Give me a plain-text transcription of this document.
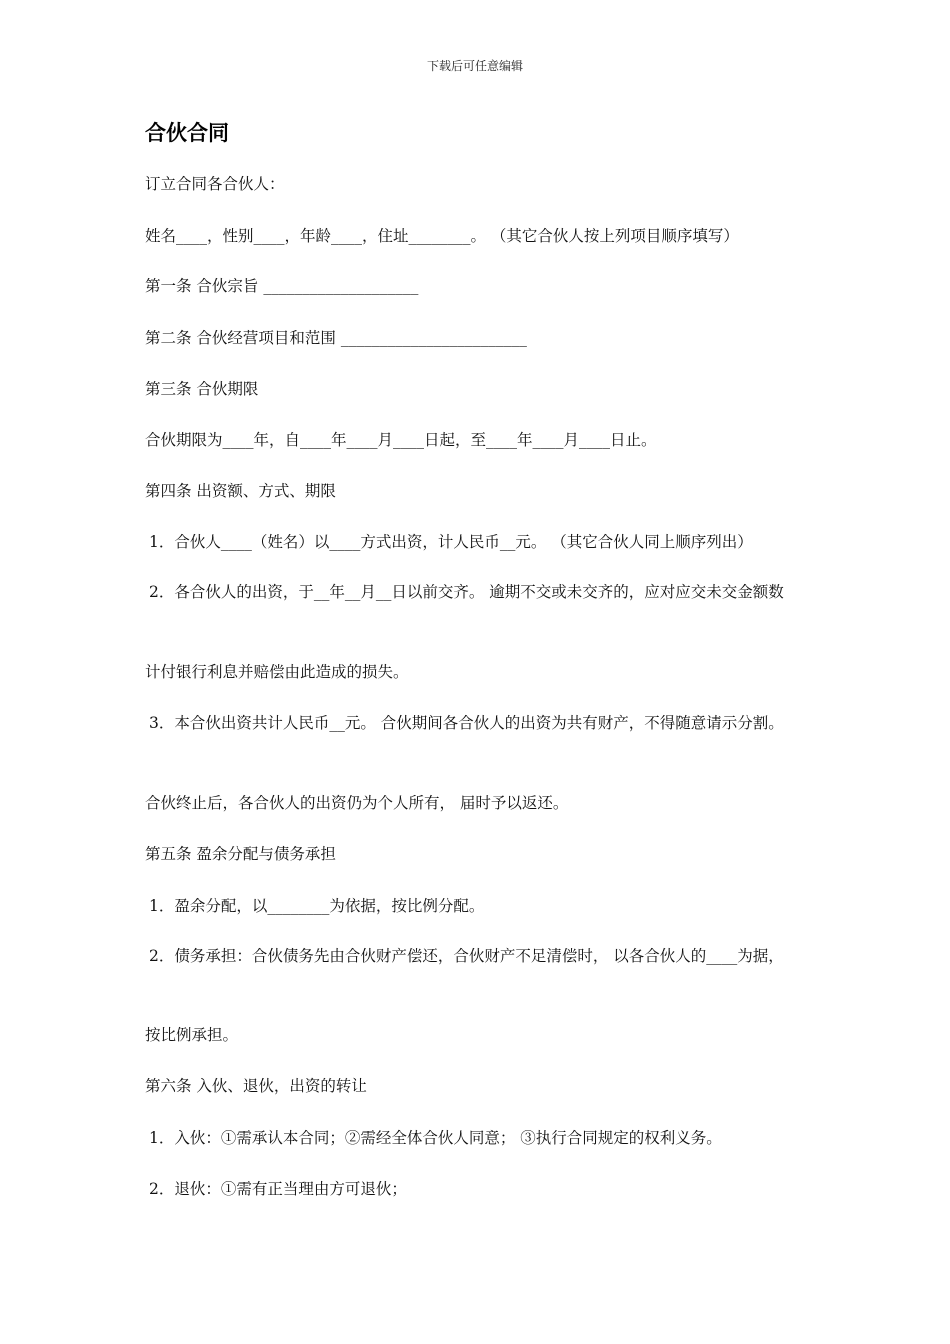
下载后可任意编辑
合伙合同
订立合同各合伙人：
姓名____，性别____，年龄____，住址________。 （其它合伙人按上列项目顺序填写）
第一条 合伙宗旨 ____________________
第二条 合伙经营项目和范围 ________________________
第三条 合伙期限
合伙期限为____年，自____年____月____日起，至____年____月____日止。
第四条 出资额、方式、期限
1．合伙人____（姓名）以____方式出资，计人民币__元。 （其它合伙人同上顺序列出）
2．各合伙人的出资，于__年__月__日以前交齐。 逾期不交或未交齐的，应对应交未交金额数
计付银行利息并赔偿由此造成的损失。
3．本合伙出资共计人民币__元。 合伙期间各合伙人的出资为共有财产，不得随意请示分割。
合伙终止后，各合伙人的出资仍为个人所有， 届时予以返还。
第五条 盈余分配与债务承担
1．盈余分配，以________为依据，按比例分配。
2．债务承担：合伙债务先由合伙财产偿还，合伙财产不足清偿时， 以各合伙人的____为据，
按比例承担。
第六条 入伙、退伙，出资的转让
1．入伙：①需承认本合同；②需经全体合伙人同意； ③执行合同规定的权利义务。
2．退伙：①需有正当理由方可退伙；
